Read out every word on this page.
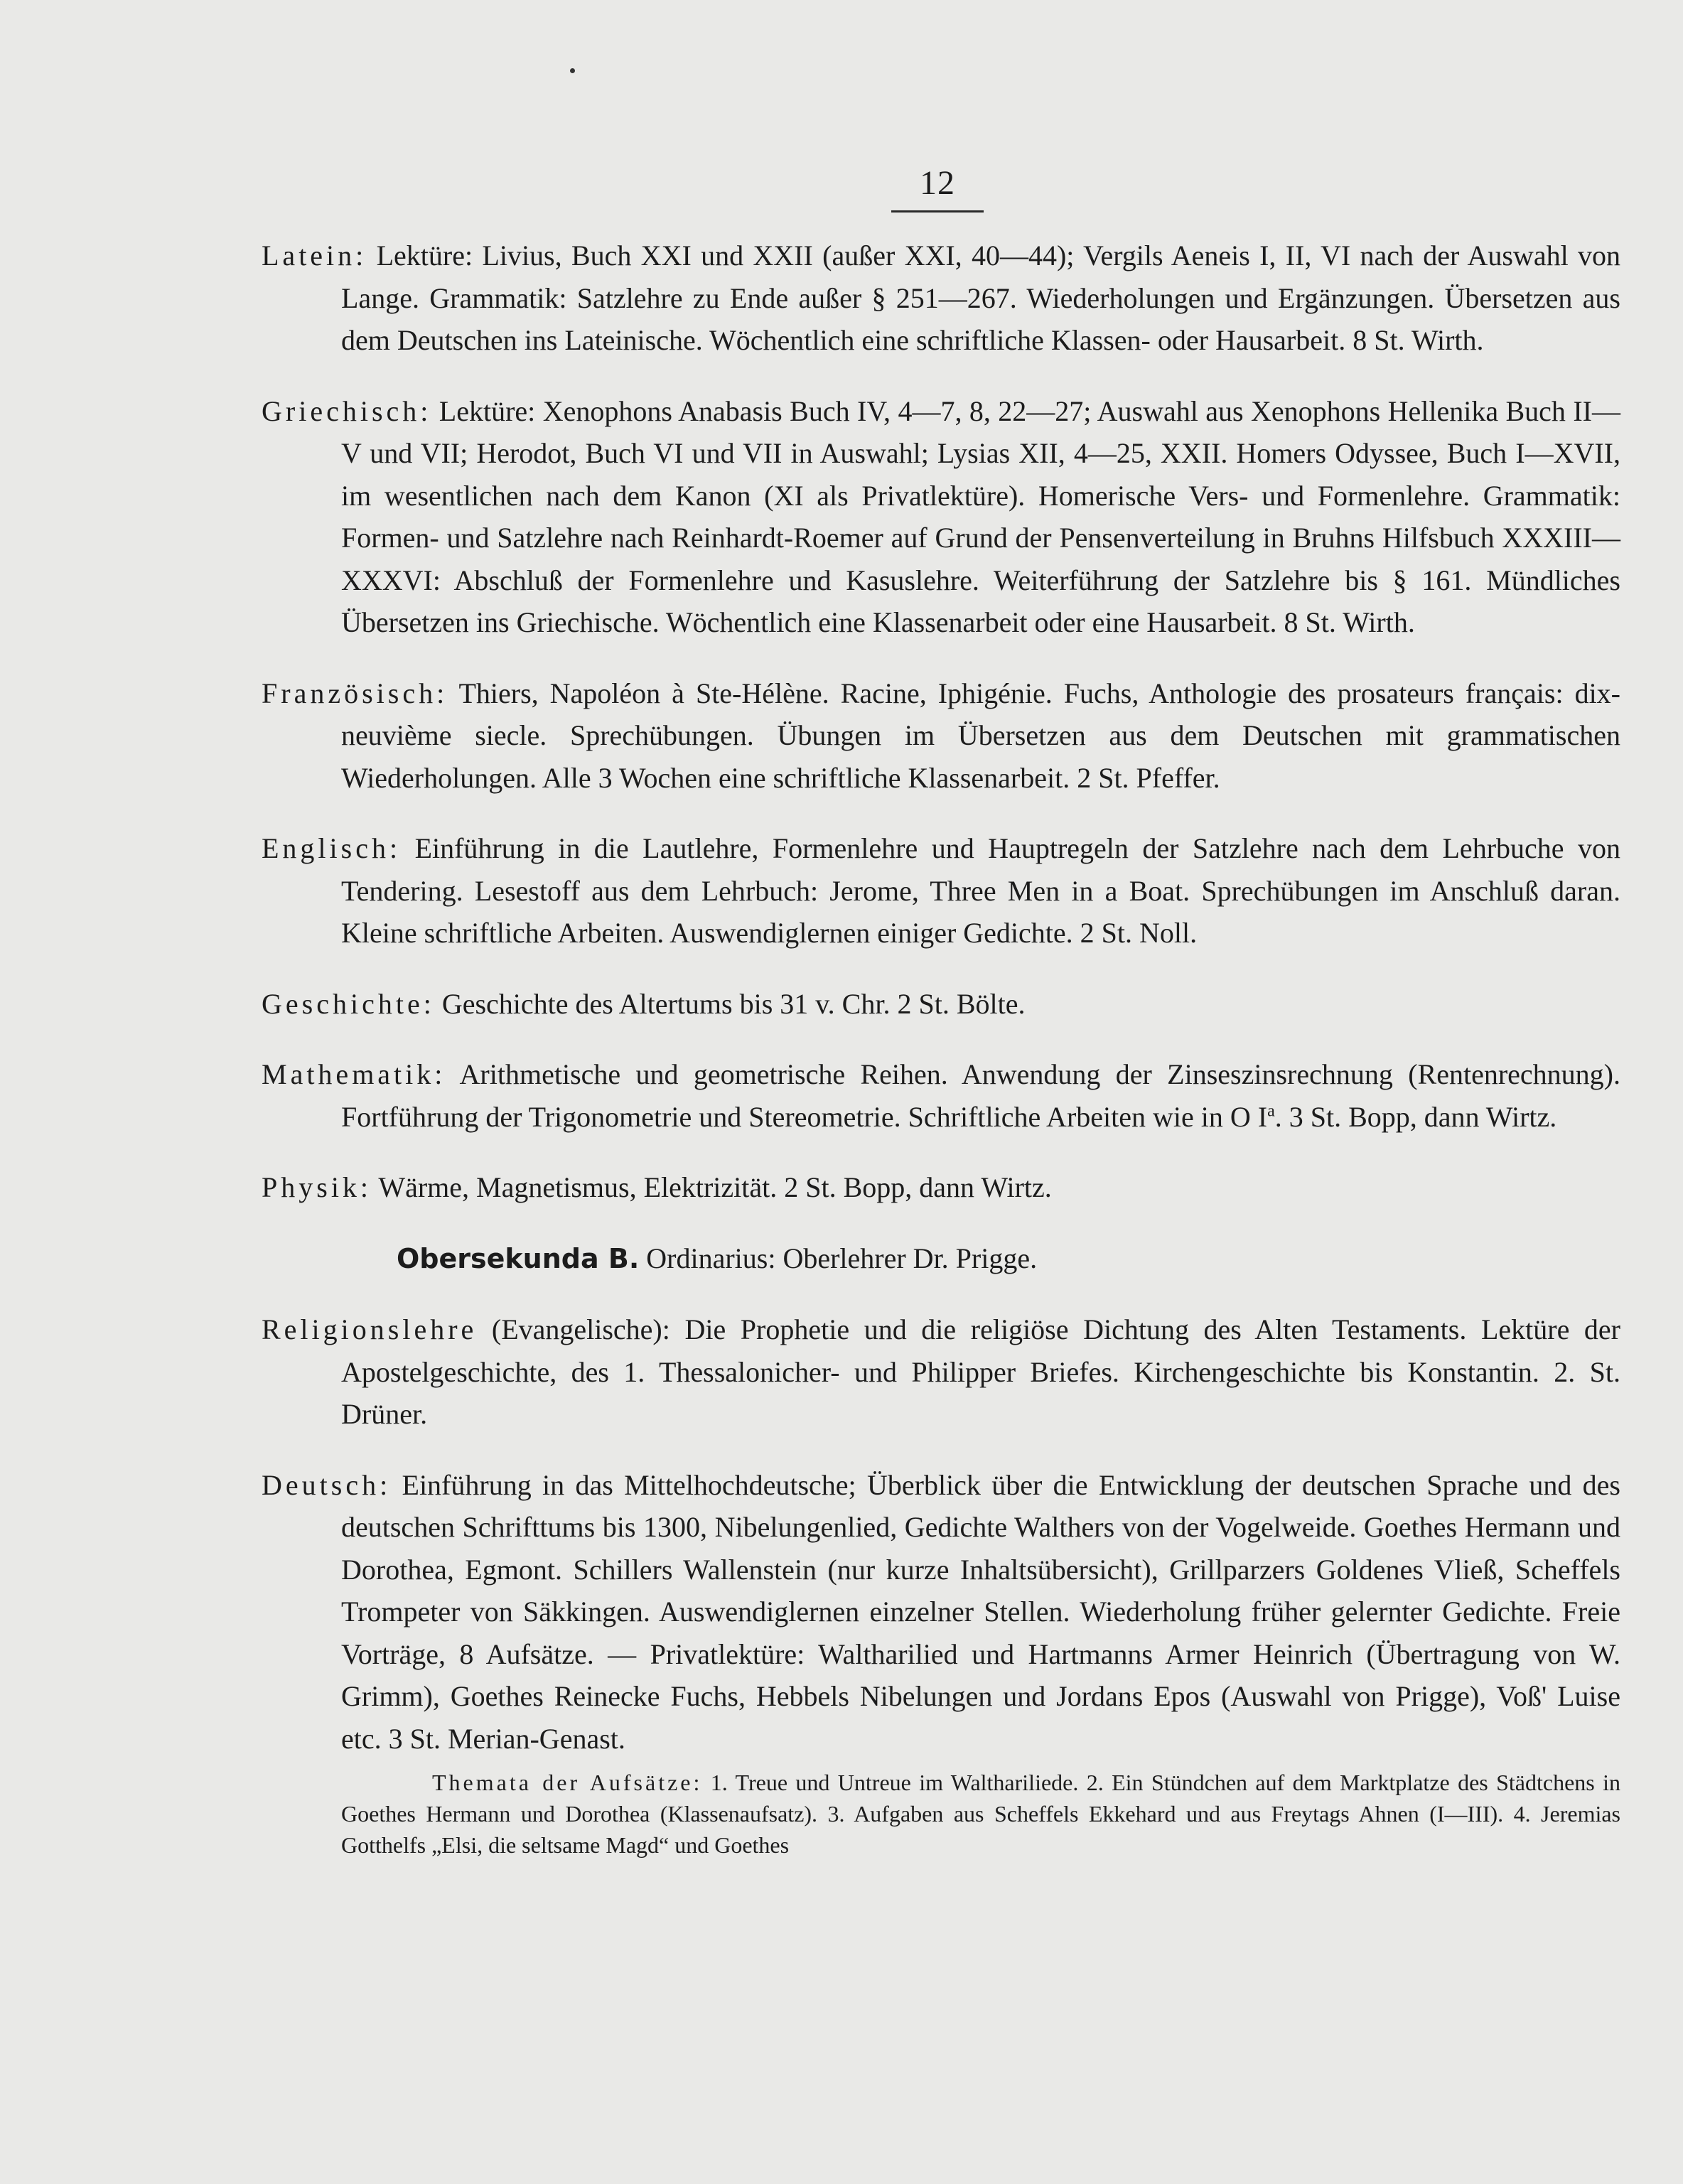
12

Latein: Lektüre: Livius, Buch XXI und XXII (außer XXI, 40—44); Vergils Aeneis I, II, VI nach der Auswahl von Lange. Grammatik: Satzlehre zu Ende außer § 251—267. Wiederholungen und Ergänzungen. Übersetzen aus dem Deutschen ins Lateinische. Wöchentlich eine schriftliche Klassen- oder Hausarbeit. 8 St. Wirth.

Griechisch: Lektüre: Xenophons Anabasis Buch IV, 4—7, 8, 22—27; Auswahl aus Xenophons Hellenika Buch II—V und VII; Herodot, Buch VI und VII in Auswahl; Lysias XII, 4—25, XXII. Homers Odyssee, Buch I—XVII, im wesentlichen nach dem Kanon (XI als Privatlektüre). Homerische Vers- und Formenlehre. Grammatik: Formen- und Satzlehre nach Reinhardt-Roemer auf Grund der Pensenverteilung in Bruhns Hilfsbuch XXXIII—XXXVI: Abschluß der Formenlehre und Kasuslehre. Weiterführung der Satzlehre bis § 161. Mündliches Übersetzen ins Griechische. Wöchentlich eine Klassenarbeit oder eine Hausarbeit. 8 St. Wirth.

Französisch: Thiers, Napoléon à Ste-Hélène. Racine, Iphigénie. Fuchs, Anthologie des prosateurs français: dix-neuvième siecle. Sprechübungen. Übungen im Übersetzen aus dem Deutschen mit grammatischen Wiederholungen. Alle 3 Wochen eine schriftliche Klassenarbeit. 2 St. Pfeffer.

Englisch: Einführung in die Lautlehre, Formenlehre und Hauptregeln der Satzlehre nach dem Lehrbuche von Tendering. Lesestoff aus dem Lehrbuch: Jerome, Three Men in a Boat. Sprechübungen im Anschluß daran. Kleine schriftliche Arbeiten. Auswendiglernen einiger Gedichte. 2 St. Noll.

Geschichte: Geschichte des Altertums bis 31 v. Chr. 2 St. Bölte.

Mathematik: Arithmetische und geometrische Reihen. Anwendung der Zinseszinsrechnung (Rentenrechnung). Fortführung der Trigonometrie und Stereometrie. Schriftliche Arbeiten wie in O $I^a$. 3 St. Bopp, dann Wirtz.

Physik: Wärme, Magnetismus, Elektrizität. 2 St. Bopp, dann Wirtz.

Obersekunda B. Ordinarius: Oberlehrer Dr. Prigge.

Religionslehre (Evangelische): Die Prophetie und die religiöse Dichtung des Alten Testaments. Lektüre der Apostelgeschichte, des 1. Thessalonicher- und Philipper Briefes. Kirchengeschichte bis Konstantin. 2. St. Drüner.

Deutsch: Einführung in das Mittelhochdeutsche; Überblick über die Entwicklung der deutschen Sprache und des deutschen Schrifttums bis 1300, Nibelungenlied, Gedichte Walthers von der Vogelweide. Goethes Hermann und Dorothea, Egmont. Schillers Wallenstein (nur kurze Inhaltsübersicht), Grillparzers Goldenes Vließ, Scheffels Trompeter von Säkkingen. Auswendiglernen einzelner Stellen. Wiederholung früher gelernter Gedichte. Freie Vorträge, 8 Aufsätze. — Privatlektüre: Waltharilied und Hartmanns Armer Heinrich (Übertragung von W. Grimm), Goethes Reinecke Fuchs, Hebbels Nibelungen und Jordans Epos (Auswahl von Prigge), Voß' Luise etc. 3 St. Merian-Genast.

Themata der Aufsätze: 1. Treue und Untreue im Walthariliede. 2. Ein Stündchen auf dem Marktplatze des Städtchens in Goethes Hermann und Dorothea (Klassenaufsatz). 3. Aufgaben aus Scheffels Ekkehard und aus Freytags Ahnen (I—III). 4. Jeremias Gotthelfs „Elsi, die seltsame Magd“ und Goethes
